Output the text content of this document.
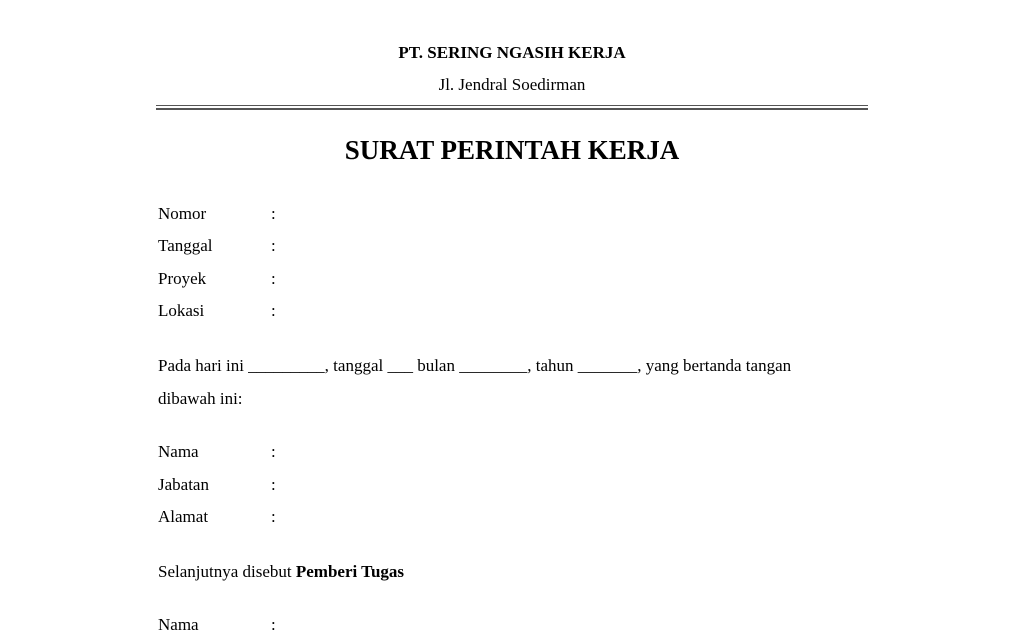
PT. SERING NGASIH KERJA
Jl. Jendral Soedirman
SURAT PERINTAH KERJA
Nomor	:
Tanggal	:
Proyek	:
Lokasi	:
Pada hari ini _________, tanggal ___ bulan ________, tahun _______, yang bertanda tangan
dibawah ini:
Nama	:
Jabatan	:
Alamat	:
Selanjutnya disebut Pemberi Tugas
Nama	:
